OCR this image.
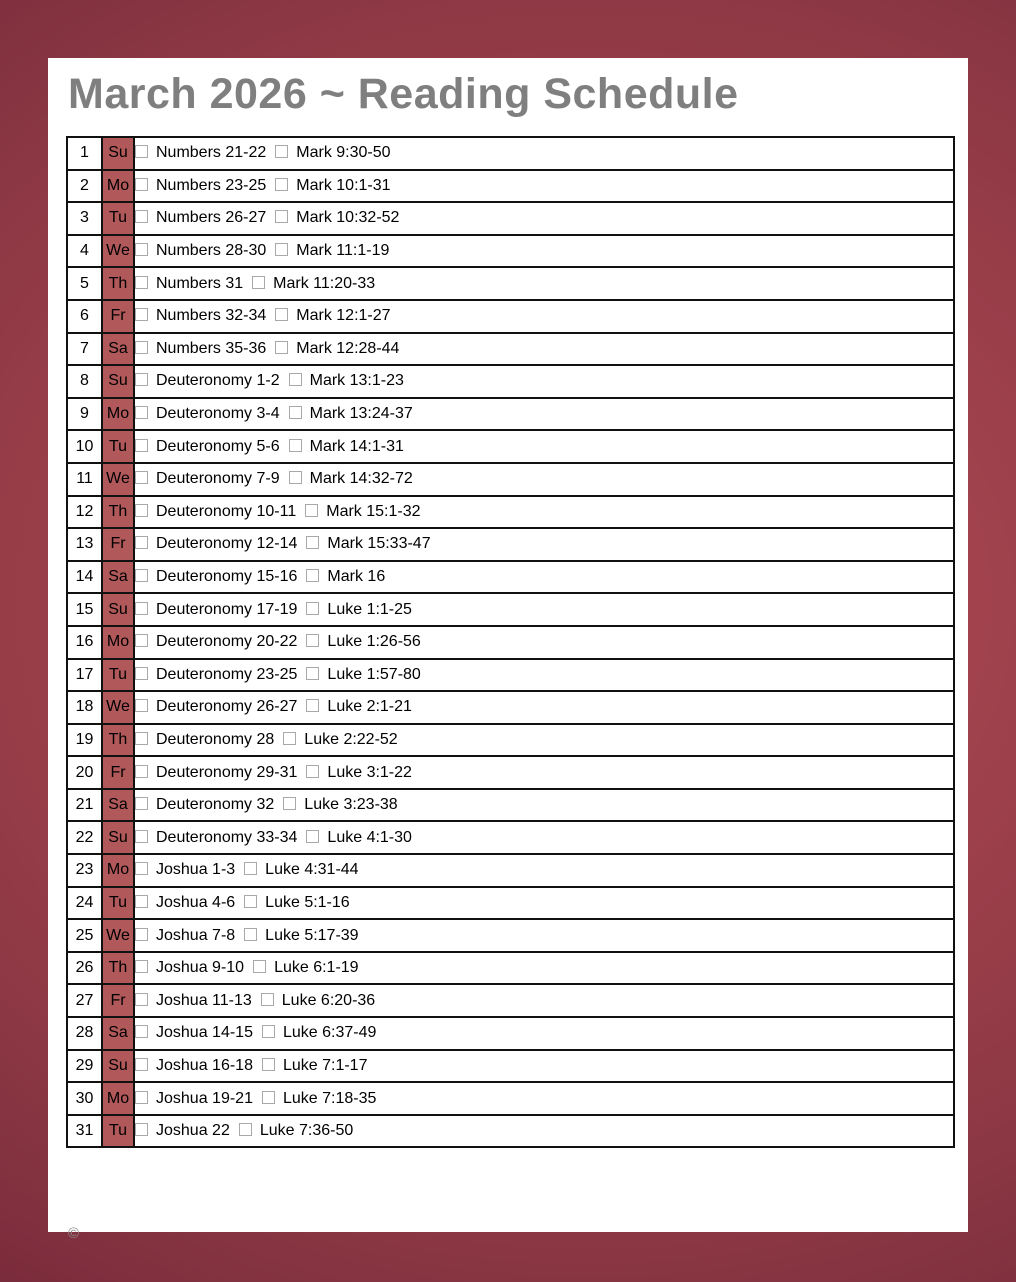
March 2026 ~ Reading Schedule
1	Su	Numbers 21-22 Mark 9:30-50
2	Mo	Numbers 23-25 Mark 10:1-31
3	Tu	Numbers 26-27 Mark 10:32-52
4	We	Numbers 28-30 Mark 11:1-19
5	Th	Numbers 31 Mark 11:20-33
6	Fr	Numbers 32-34 Mark 12:1-27
7	Sa	Numbers 35-36 Mark 12:28-44
8	Su	Deuteronomy 1-2 Mark 13:1-23
9	Mo	Deuteronomy 3-4 Mark 13:24-37
10	Tu	Deuteronomy 5-6 Mark 14:1-31
11	We	Deuteronomy 7-9 Mark 14:32-72
12	Th	Deuteronomy 10-11 Mark 15:1-32
13	Fr	Deuteronomy 12-14 Mark 15:33-47
14	Sa	Deuteronomy 15-16 Mark 16
15	Su	Deuteronomy 17-19 Luke 1:1-25
16	Mo	Deuteronomy 20-22 Luke 1:26-56
17	Tu	Deuteronomy 23-25 Luke 1:57-80
18	We	Deuteronomy 26-27 Luke 2:1-21
19	Th	Deuteronomy 28 Luke 2:22-52
20	Fr	Deuteronomy 29-31 Luke 3:1-22
21	Sa	Deuteronomy 32 Luke 3:23-38
22	Su	Deuteronomy 33-34 Luke 4:1-30
23	Mo	Joshua 1-3 Luke 4:31-44
24	Tu	Joshua 4-6 Luke 5:1-16
25	We	Joshua 7-8 Luke 5:17-39
26	Th	Joshua 9-10 Luke 6:1-19
27	Fr	Joshua 11-13 Luke 6:20-36
28	Sa	Joshua 14-15 Luke 6:37-49
29	Su	Joshua 16-18 Luke 7:1-17
30	Mo	Joshua 19-21 Luke 7:18-35
31	Tu	Joshua 22 Luke 7:36-50
©
